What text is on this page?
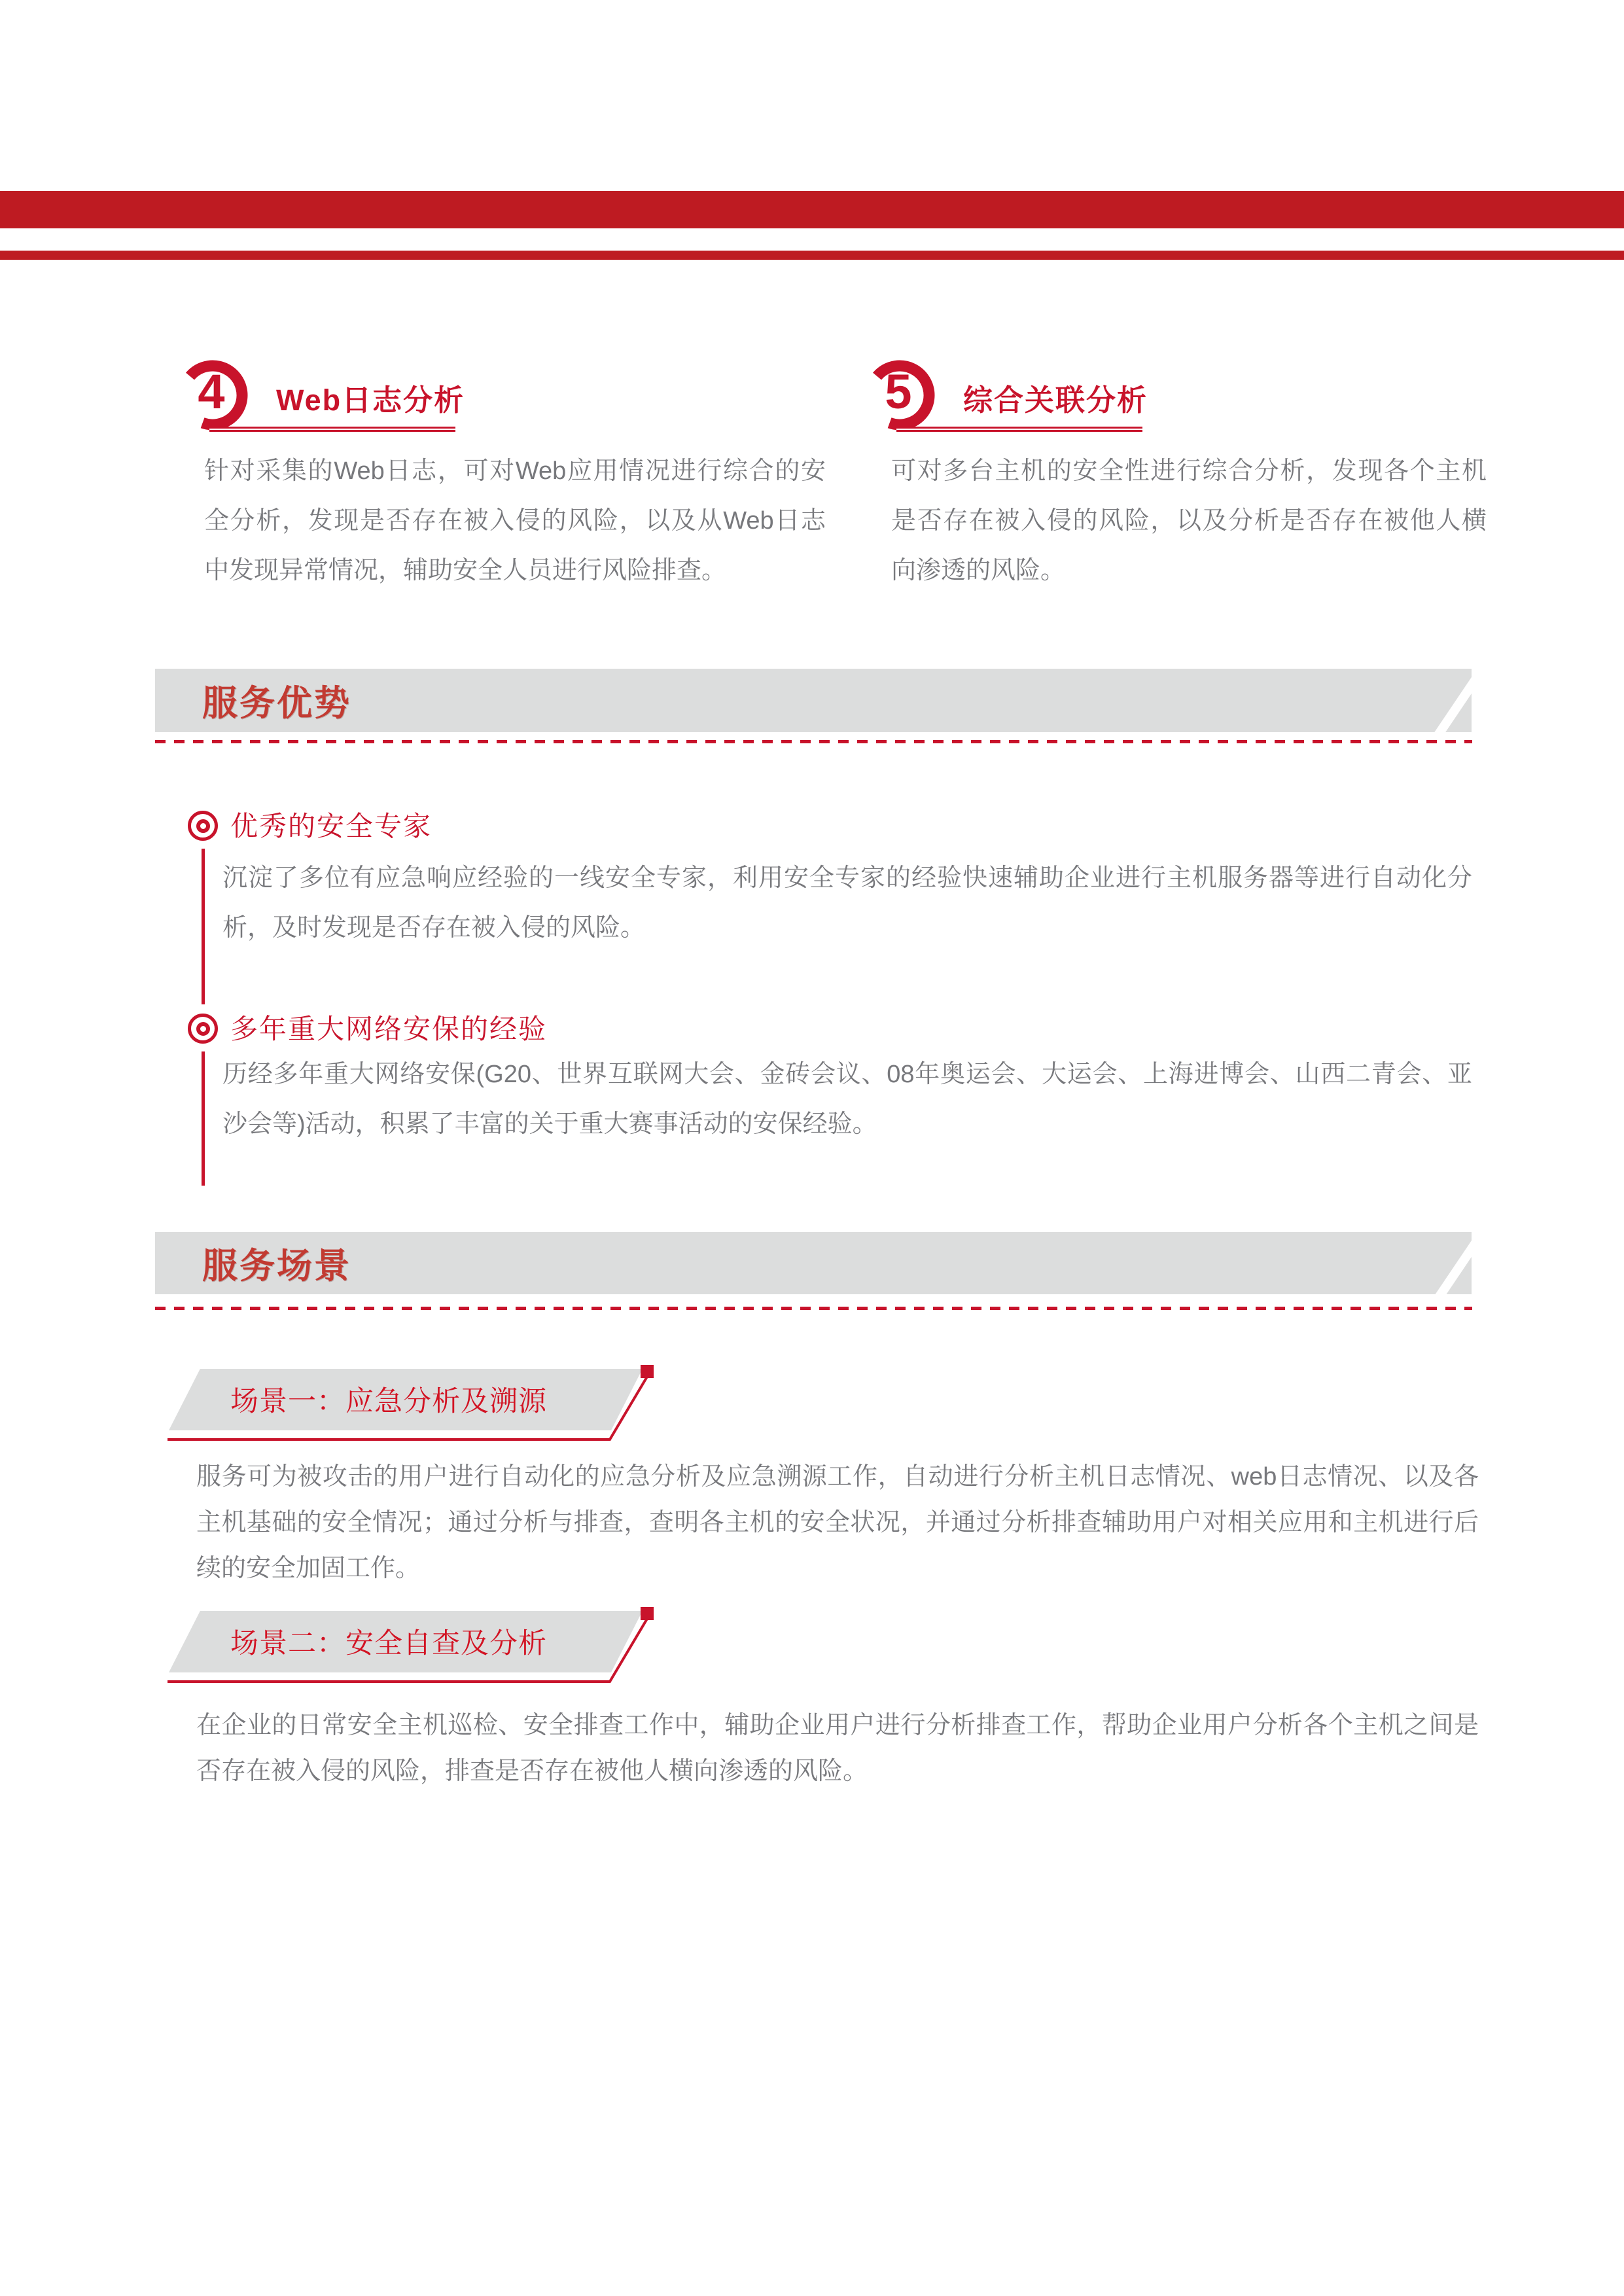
4	Web日志分析
针对采集的Web日志，可对Web应用情况进行综合的安全分析，发现是否存在被入侵的风险，以及从Web日志中发现异常情况，辅助安全人员进行风险排查。
5	综合关联分析
可对多台主机的安全性进行综合分析，发现各个主机是否存在被入侵的风险，以及分析是否存在被他人横向渗透的风险。
服务优势
优秀的安全专家
沉淀了多位有应急响应经验的一线安全专家，利用安全专家的经验快速辅助企业进行主机服务器等进行自动化分析，及时发现是否存在被入侵的风险。
多年重大网络安保的经验
历经多年重大网络安保(G20、世界互联网大会、金砖会议、08年奥运会、大运会、上海进博会、山西二青会、亚沙会等)活动，积累了丰富的关于重大赛事活动的安保经验。
服务场景
场景一：应急分析及溯源
服务可为被攻击的用户进行自动化的应急分析及应急溯源工作，自动进行分析主机日志情况、web日志情况、以及各主机基础的安全情况；通过分析与排查，查明各主机的安全状况，并通过分析排查辅助用户对相关应用和主机进行后续的安全加固工作。
场景二：安全自查及分析
在企业的日常安全主机巡检、安全排查工作中，辅助企业用户进行分析排查工作，帮助企业用户分析各个主机之间是否存在被入侵的风险，排查是否存在被他人横向渗透的风险。
